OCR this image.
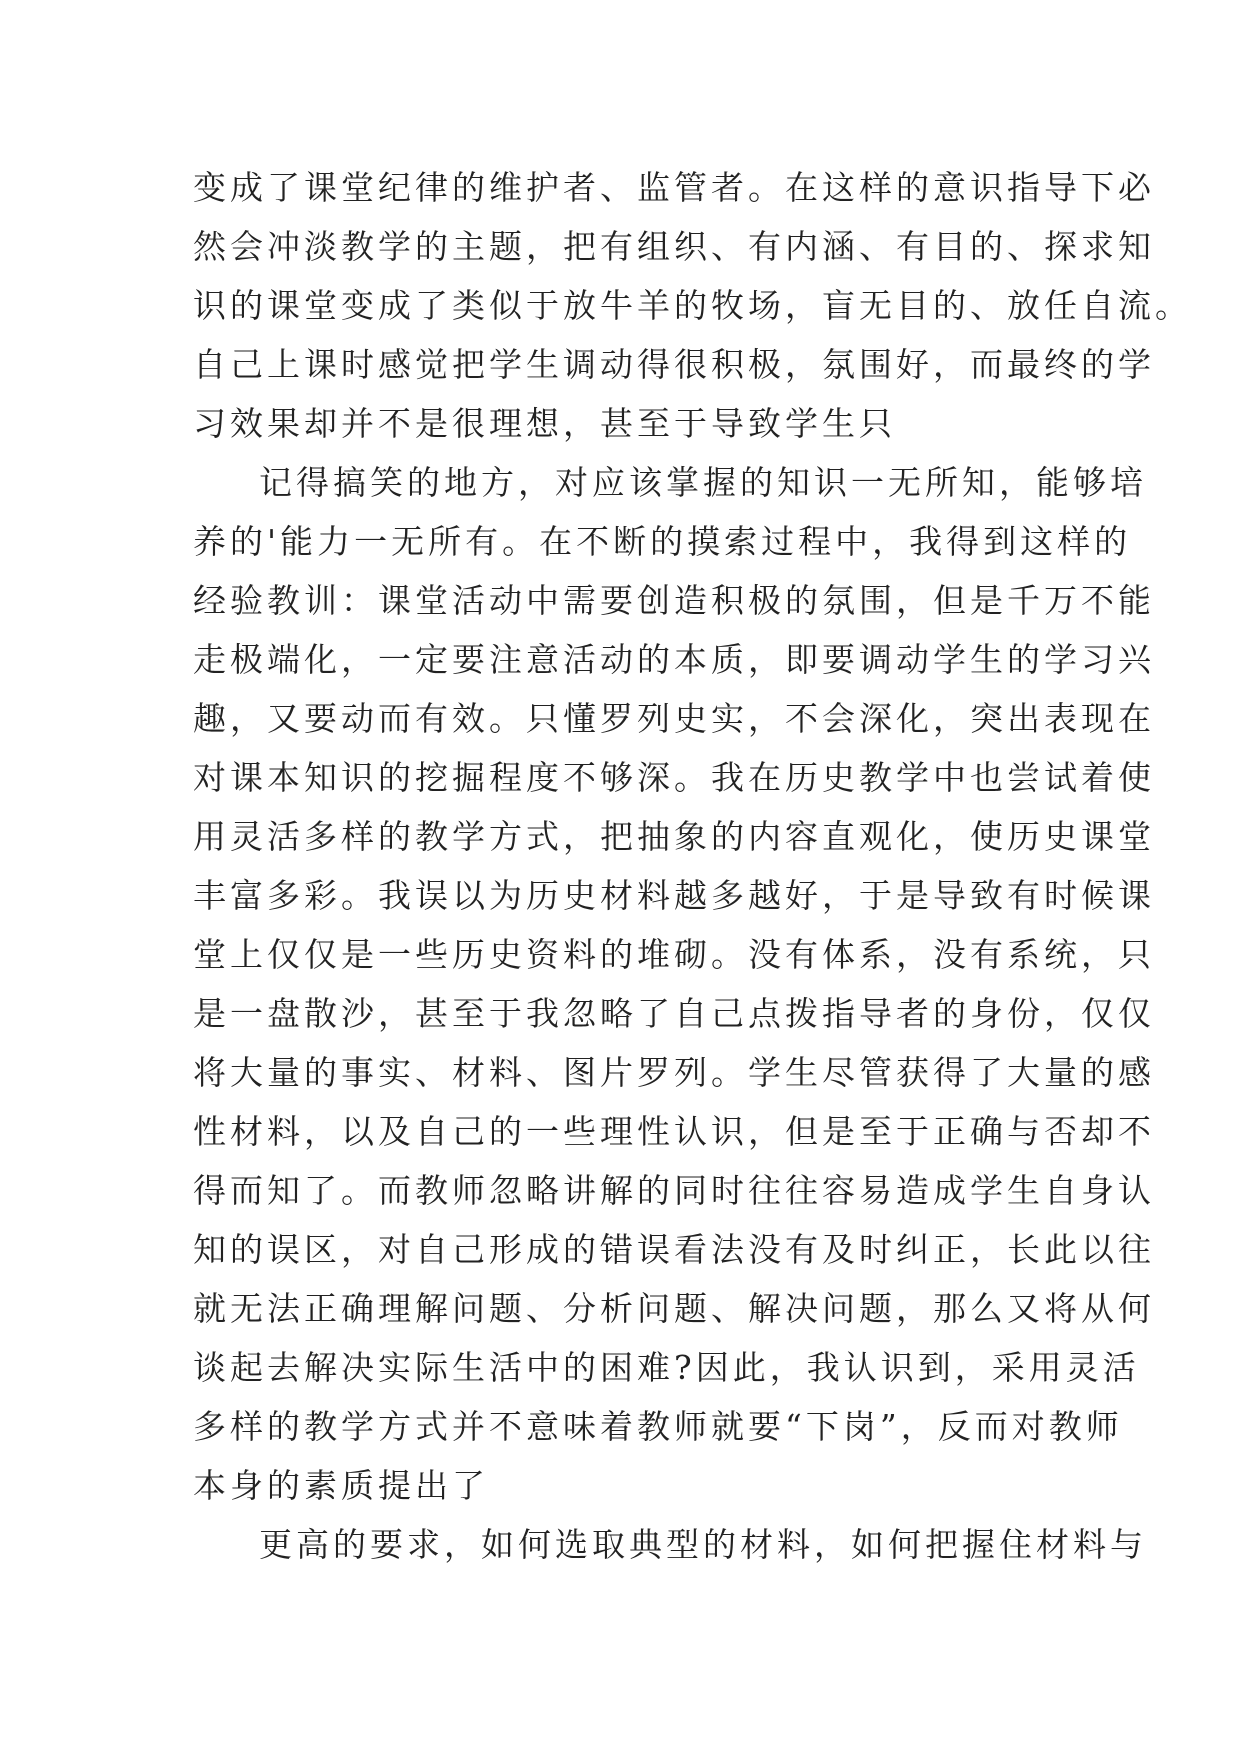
变成了课堂纪律的维护者、监管者。在这样的意识指导下必
然会冲淡教学的主题，把有组织、有内涵、有目的、探求知
识的课堂变成了类似于放牛羊的牧场，盲无目的、放任自流。
自己上课时感觉把学生调动得很积极，氛围好，而最终的学
习效果却并不是很理想，甚至于导致学生只
记得搞笑的地方，对应该掌握的知识一无所知，能够培
养的'能力一无所有。在不断的摸索过程中，我得到这样的
经验教训：课堂活动中需要创造积极的氛围，但是千万不能
走极端化，一定要注意活动的本质，即要调动学生的学习兴
趣，又要动而有效。只懂罗列史实，不会深化，突出表现在
对课本知识的挖掘程度不够深。我在历史教学中也尝试着使
用灵活多样的教学方式，把抽象的内容直观化，使历史课堂
丰富多彩。我误以为历史材料越多越好，于是导致有时候课
堂上仅仅是一些历史资料的堆砌。没有体系，没有系统，只
是一盘散沙，甚至于我忽略了自己点拨指导者的身份，仅仅
将大量的事实、材料、图片罗列。学生尽管获得了大量的感
性材料，以及自己的一些理性认识，但是至于正确与否却不
得而知了。而教师忽略讲解的同时往往容易造成学生自身认
知的误区，对自己形成的错误看法没有及时纠正，长此以往
就无法正确理解问题、分析问题、解决问题，那么又将从何
谈起去解决实际生活中的困难?因此，我认识到，采用灵活
多样的教学方式并不意味着教师就要“下岗”，反而对教师
本身的素质提出了
更高的要求，如何选取典型的材料，如何把握住材料与
